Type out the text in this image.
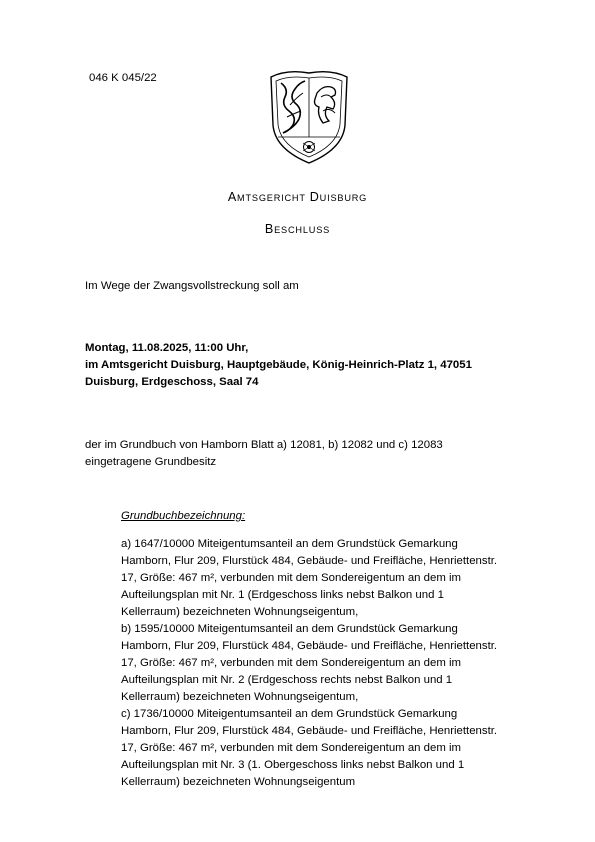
046 K 045/22
AMTSGERICHT DUISBURG
BESCHLUSS
Im Wege der Zwangsvollstreckung soll am
Montag, 11.08.2025, 11:00 Uhr,
im Amtsgericht Duisburg, Hauptgebäude, König-Heinrich-Platz 1, 47051
Duisburg, Erdgeschoss, Saal 74
der im Grundbuch von Hamborn Blatt a) 12081, b) 12082 und c) 12083
eingetragene Grundbesitz
Grundbuchbezeichnung:
a) 1647/10000 Miteigentumsanteil an dem Grundstück Gemarkung
Hamborn, Flur 209, Flurstück 484, Gebäude- und Freifläche, Henriettenstr.
17, Größe: 467 m², verbunden mit dem Sondereigentum an dem im
Aufteilungsplan mit Nr. 1 (Erdgeschoss links nebst Balkon und 1
Kellerraum) bezeichneten Wohnungseigentum,
b) 1595/10000 Miteigentumsanteil an dem Grundstück Gemarkung
Hamborn, Flur 209, Flurstück 484, Gebäude- und Freifläche, Henriettenstr.
17, Größe: 467 m², verbunden mit dem Sondereigentum an dem im
Aufteilungsplan mit Nr. 2 (Erdgeschoss rechts nebst Balkon und 1
Kellerraum) bezeichneten Wohnungseigentum,
c) 1736/10000 Miteigentumsanteil an dem Grundstück Gemarkung
Hamborn, Flur 209, Flurstück 484, Gebäude- und Freifläche, Henriettenstr.
17, Größe: 467 m², verbunden mit dem Sondereigentum an dem im
Aufteilungsplan mit Nr. 3 (1. Obergeschoss links nebst Balkon und 1
Kellerraum) bezeichneten Wohnungseigentum
